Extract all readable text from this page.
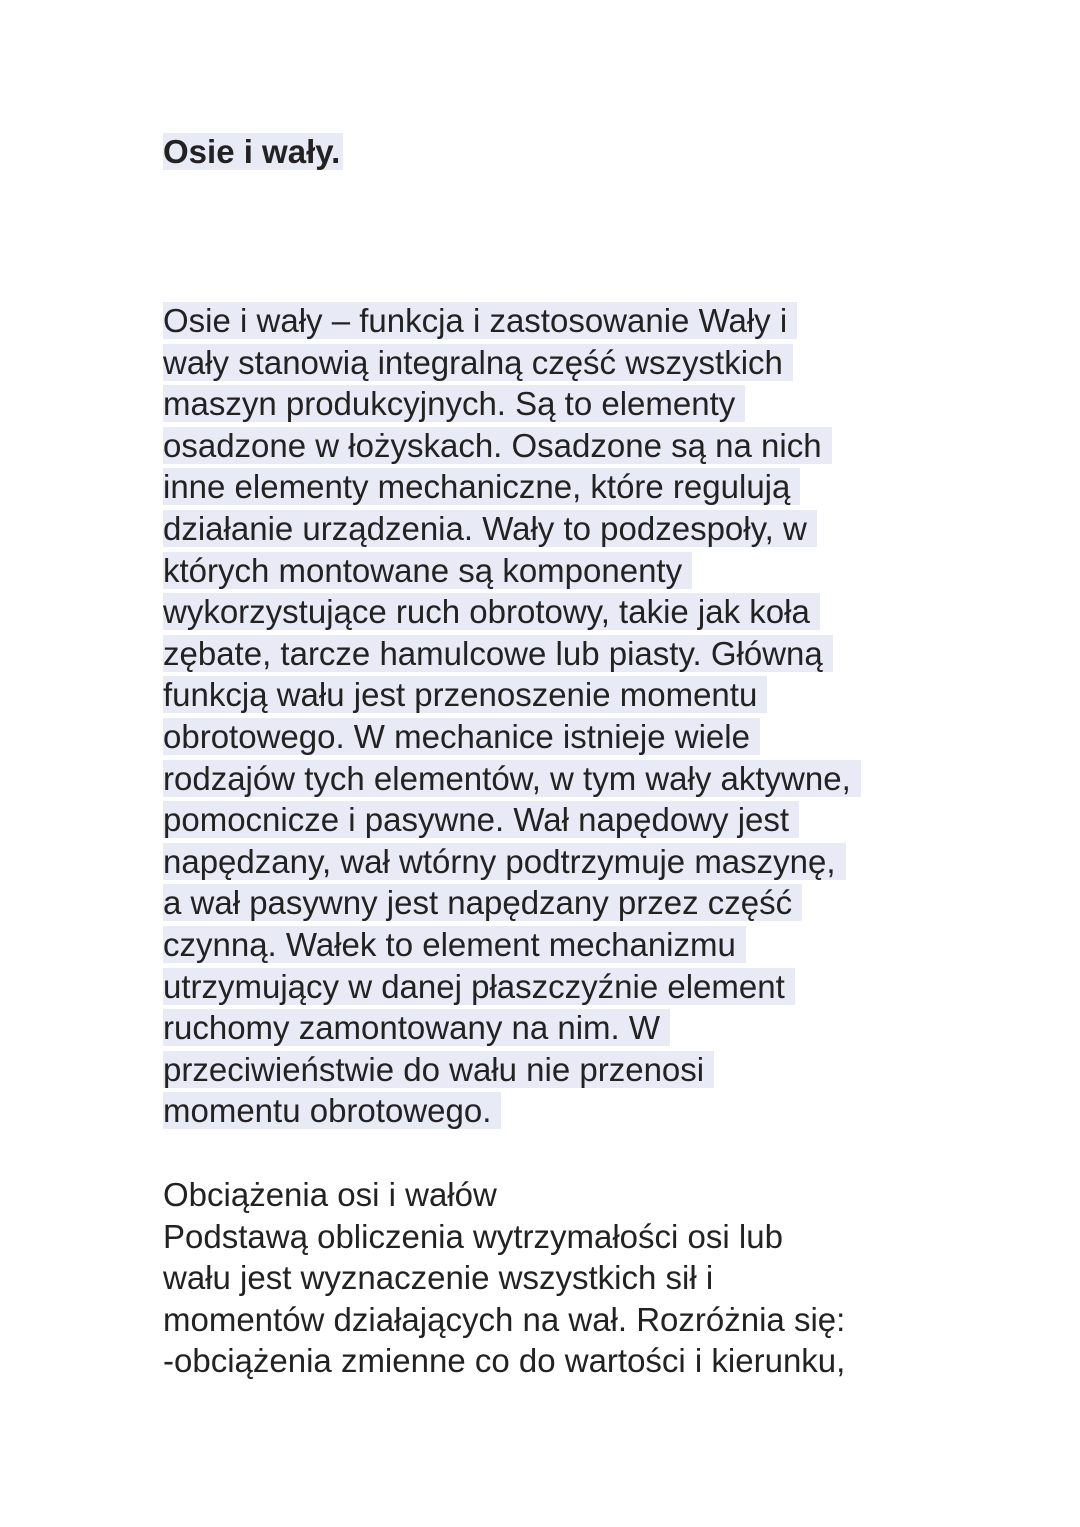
Osie i wały.
Osie i wały – funkcja i zastosowanie Wały i
wały stanowią integralną część wszystkich
maszyn produkcyjnych. Są to elementy
osadzone w łożyskach. Osadzone są na nich
inne elementy mechaniczne, które regulują
działanie urządzenia. Wały to podzespoły, w
których montowane są komponenty
wykorzystujące ruch obrotowy, takie jak koła
zębate, tarcze hamulcowe lub piasty. Główną
funkcją wału jest przenoszenie momentu
obrotowego. W mechanice istnieje wiele
rodzajów tych elementów, w tym wały aktywne,
pomocnicze i pasywne. Wał napędowy jest
napędzany, wał wtórny podtrzymuje maszynę,
a wał pasywny jest napędzany przez część
czynną. Wałek to element mechanizmu
utrzymujący w danej płaszczyźnie element
ruchomy zamontowany na nim. W
przeciwieństwie do wału nie przenosi
momentu obrotowego.
Obciążenia osi i wałów
Podstawą obliczenia wytrzymałości osi lub
wału jest wyznaczenie wszystkich sił i
momentów działających na wał. Rozróżnia się:
-obciążenia zmienne co do wartości i kierunku,
